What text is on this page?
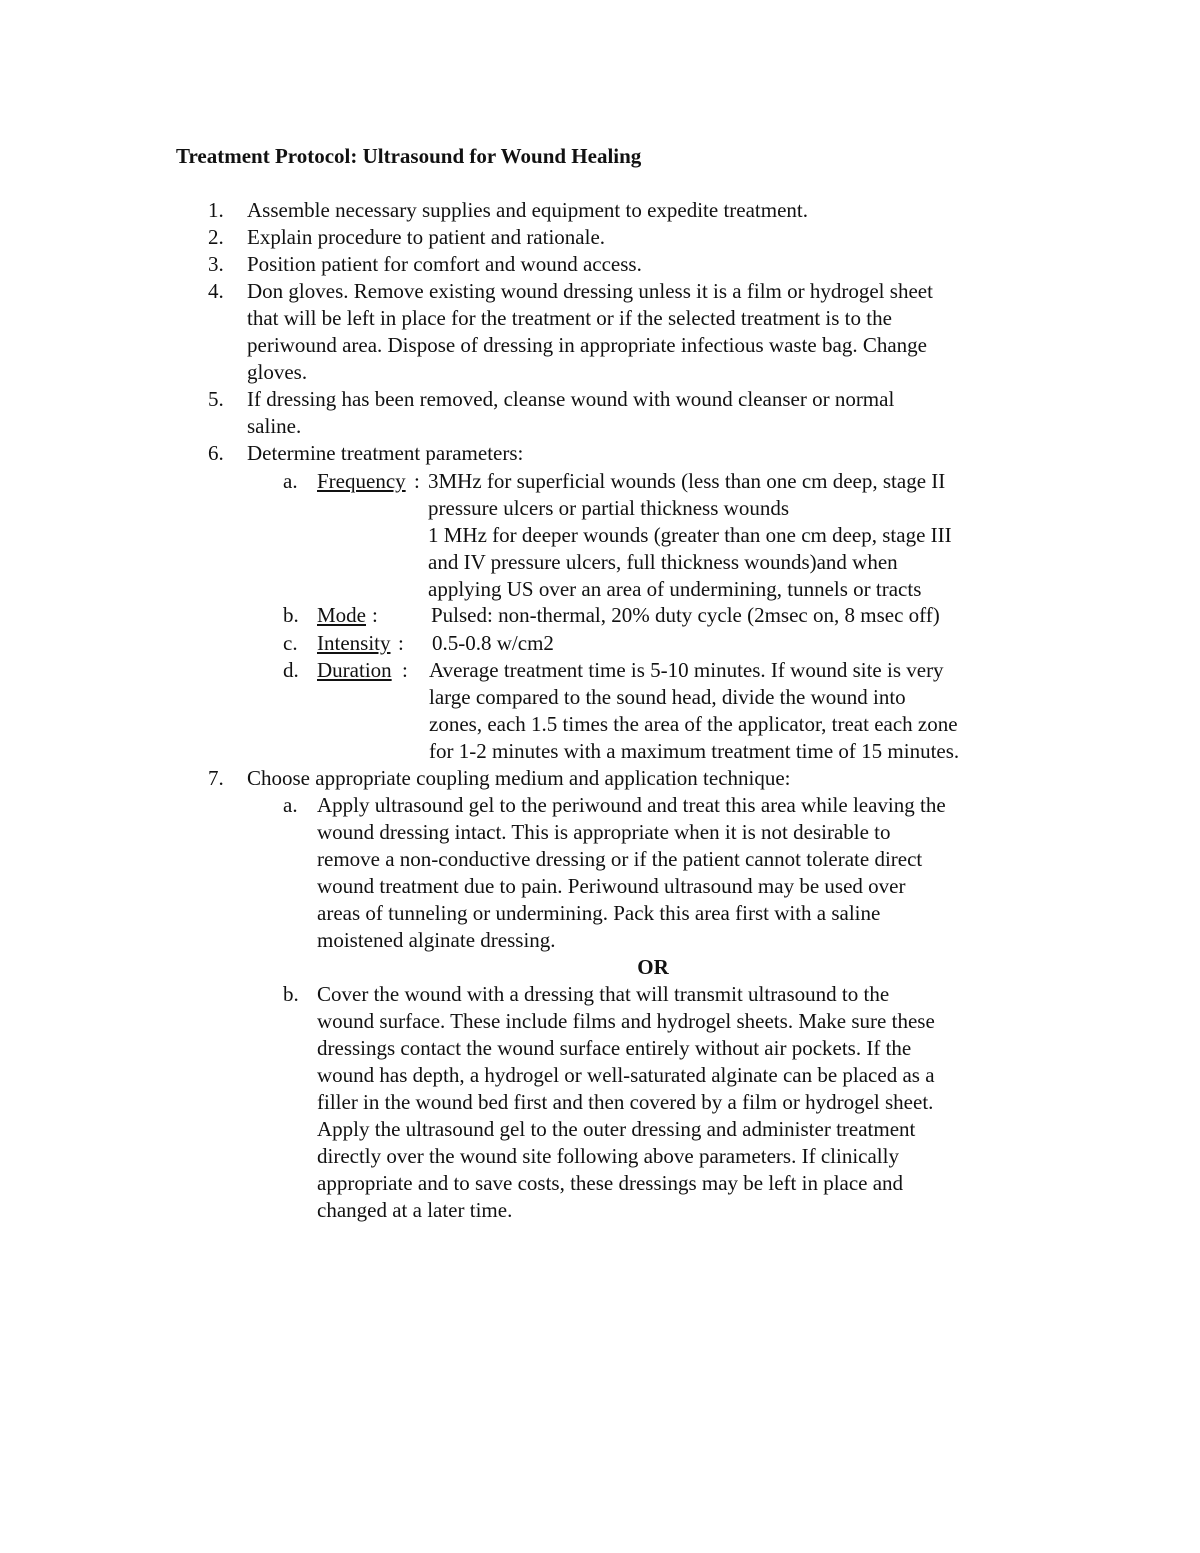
Treatment Protocol: Ultrasound for Wound Healing
1.	Assemble necessary supplies and equipment to expedite treatment.
2.	Explain procedure to patient and rationale.
3.	Position patient for comfort and wound access.
4.	Don gloves. Remove existing wound dressing unless it is a film or hydrogel sheet
that will be left in place for the treatment or if the selected treatment is to the
periwound area. Dispose of dressing in appropriate infectious waste bag. Change
gloves.
5.	If dressing has been removed, cleanse wound with wound cleanser or normal
saline.
6.	Determine treatment parameters:
a. Frequency : 3MHz for superficial wounds (less than one cm deep, stage II
pressure ulcers or partial thickness wounds
1 MHz for deeper wounds (greater than one cm deep, stage III
and IV pressure ulcers, full thickness wounds)and when
applying US over an area of undermining, tunnels or tracts
b. Mode :	Pulsed: non-thermal, 20% duty cycle (2msec on, 8 msec off)
c. Intensity : 0.5-0.8 w/cm2
d. Duration : Average treatment time is 5-10 minutes. If wound site is very
large compared to the sound head, divide the wound into
zones, each 1.5 times the area of the applicator, treat each zone
for 1-2 minutes with a maximum treatment time of 15 minutes.
7.	Choose appropriate coupling medium and application technique:
a. Apply ultrasound gel to the periwound and treat this area while leaving the
wound dressing intact. This is appropriate when it is not desirable to
remove a non-conductive dressing or if the patient cannot tolerate direct
wound treatment due to pain. Periwound ultrasound may be used over
areas of tunneling or undermining. Pack this area first with a saline
moistened alginate dressing.
OR
b. Cover the wound with a dressing that will transmit ultrasound to the
wound surface. These include films and hydrogel sheets. Make sure these
dressings contact the wound surface entirely without air pockets. If the
wound has depth, a hydrogel or well-saturated alginate can be placed as a
filler in the wound bed first and then covered by a film or hydrogel sheet.
Apply the ultrasound gel to the outer dressing and administer treatment
directly over the wound site following above parameters. If clinically
appropriate and to save costs, these dressings may be left in place and
changed at a later time.
